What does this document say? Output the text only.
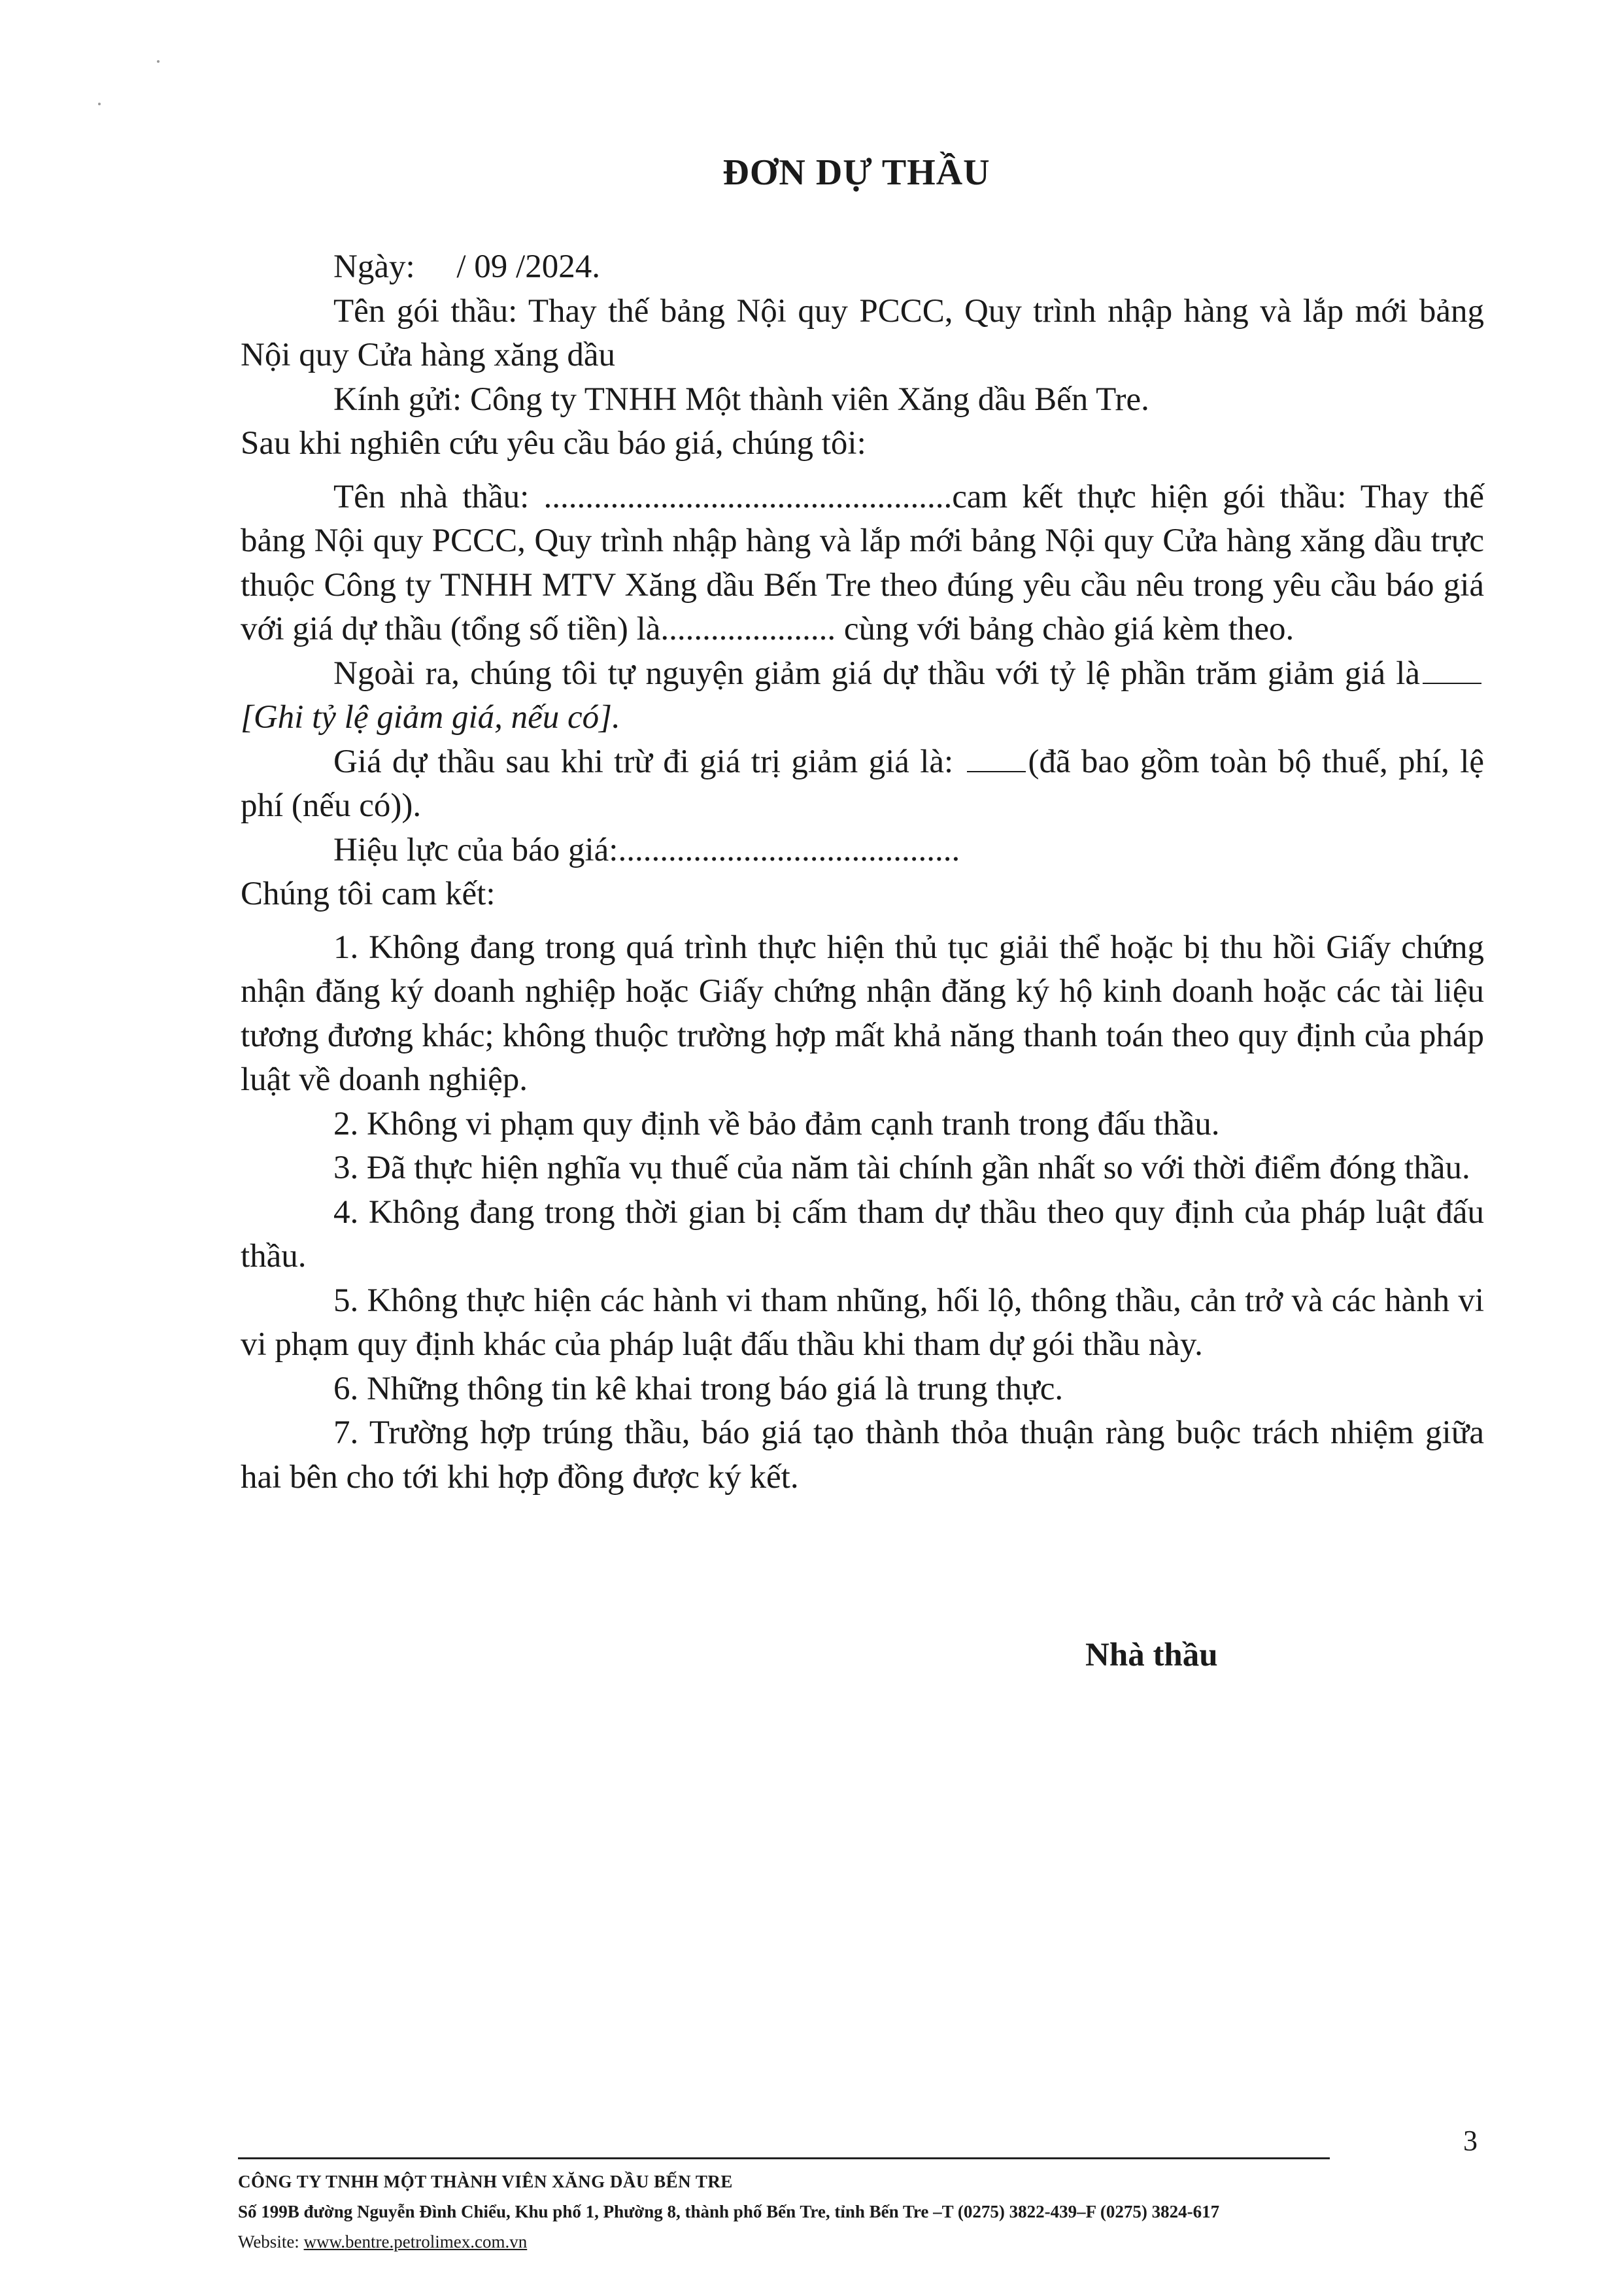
ĐƠN DỰ THẦU

Ngày:     / 09 /2024.

Tên gói thầu: Thay thế bảng Nội quy PCCC, Quy trình nhập hàng và lắp mới bảng Nội quy Cửa hàng xăng dầu

Kính gửi: Công ty TNHH Một thành viên Xăng dầu Bến Tre.

Sau khi nghiên cứu yêu cầu báo giá, chúng tôi:

Tên nhà thầu: .................................................cam kết thực hiện gói thầu: Thay thế bảng Nội quy PCCC, Quy trình nhập hàng và lắp mới bảng Nội quy Cửa hàng xăng dầu trực thuộc Công ty TNHH MTV Xăng dầu Bến Tre theo đúng yêu cầu nêu trong yêu cầu báo giá với giá dự thầu (tổng số tiền) là..................... cùng với bảng chào giá kèm theo.

Ngoài ra, chúng tôi tự nguyện giảm giá dự thầu với tỷ lệ phần trăm giảm giá là [Ghi tỷ lệ giảm giá, nếu có].

Giá dự thầu sau khi trừ đi giá trị giảm giá là: (đã bao gồm toàn bộ thuế, phí, lệ phí (nếu có)).

Hiệu lực của báo giá:.........................................

Chúng tôi cam kết:

1. Không đang trong quá trình thực hiện thủ tục giải thể hoặc bị thu hồi Giấy chứng nhận đăng ký doanh nghiệp hoặc Giấy chứng nhận đăng ký hộ kinh doanh hoặc các tài liệu tương đương khác; không thuộc trường hợp mất khả năng thanh toán theo quy định của pháp luật về doanh nghiệp.

2. Không vi phạm quy định về bảo đảm cạnh tranh trong đấu thầu.

3. Đã thực hiện nghĩa vụ thuế của năm tài chính gần nhất so với thời điểm đóng thầu.

4. Không đang trong thời gian bị cấm tham dự thầu theo quy định của pháp luật đấu thầu.

5. Không thực hiện các hành vi tham nhũng, hối lộ, thông thầu, cản trở và các hành vi vi phạm quy định khác của pháp luật đấu thầu khi tham dự gói thầu này.

6. Những thông tin kê khai trong báo giá là trung thực.

7. Trường hợp trúng thầu, báo giá tạo thành thỏa thuận ràng buộc trách nhiệm giữa hai bên cho tới khi hợp đồng được ký kết.

Nhà thầu
3
CÔNG TY TNHH MỘT THÀNH VIÊN XĂNG DẦU BẾN TRE
Số 199B đường Nguyễn Đình Chiểu, Khu phố 1, Phường 8, thành phố Bến Tre, tỉnh Bến Tre –T (0275) 3822-439–F (0275) 3824-617
Website: www.bentre.petrolimex.com.vn
